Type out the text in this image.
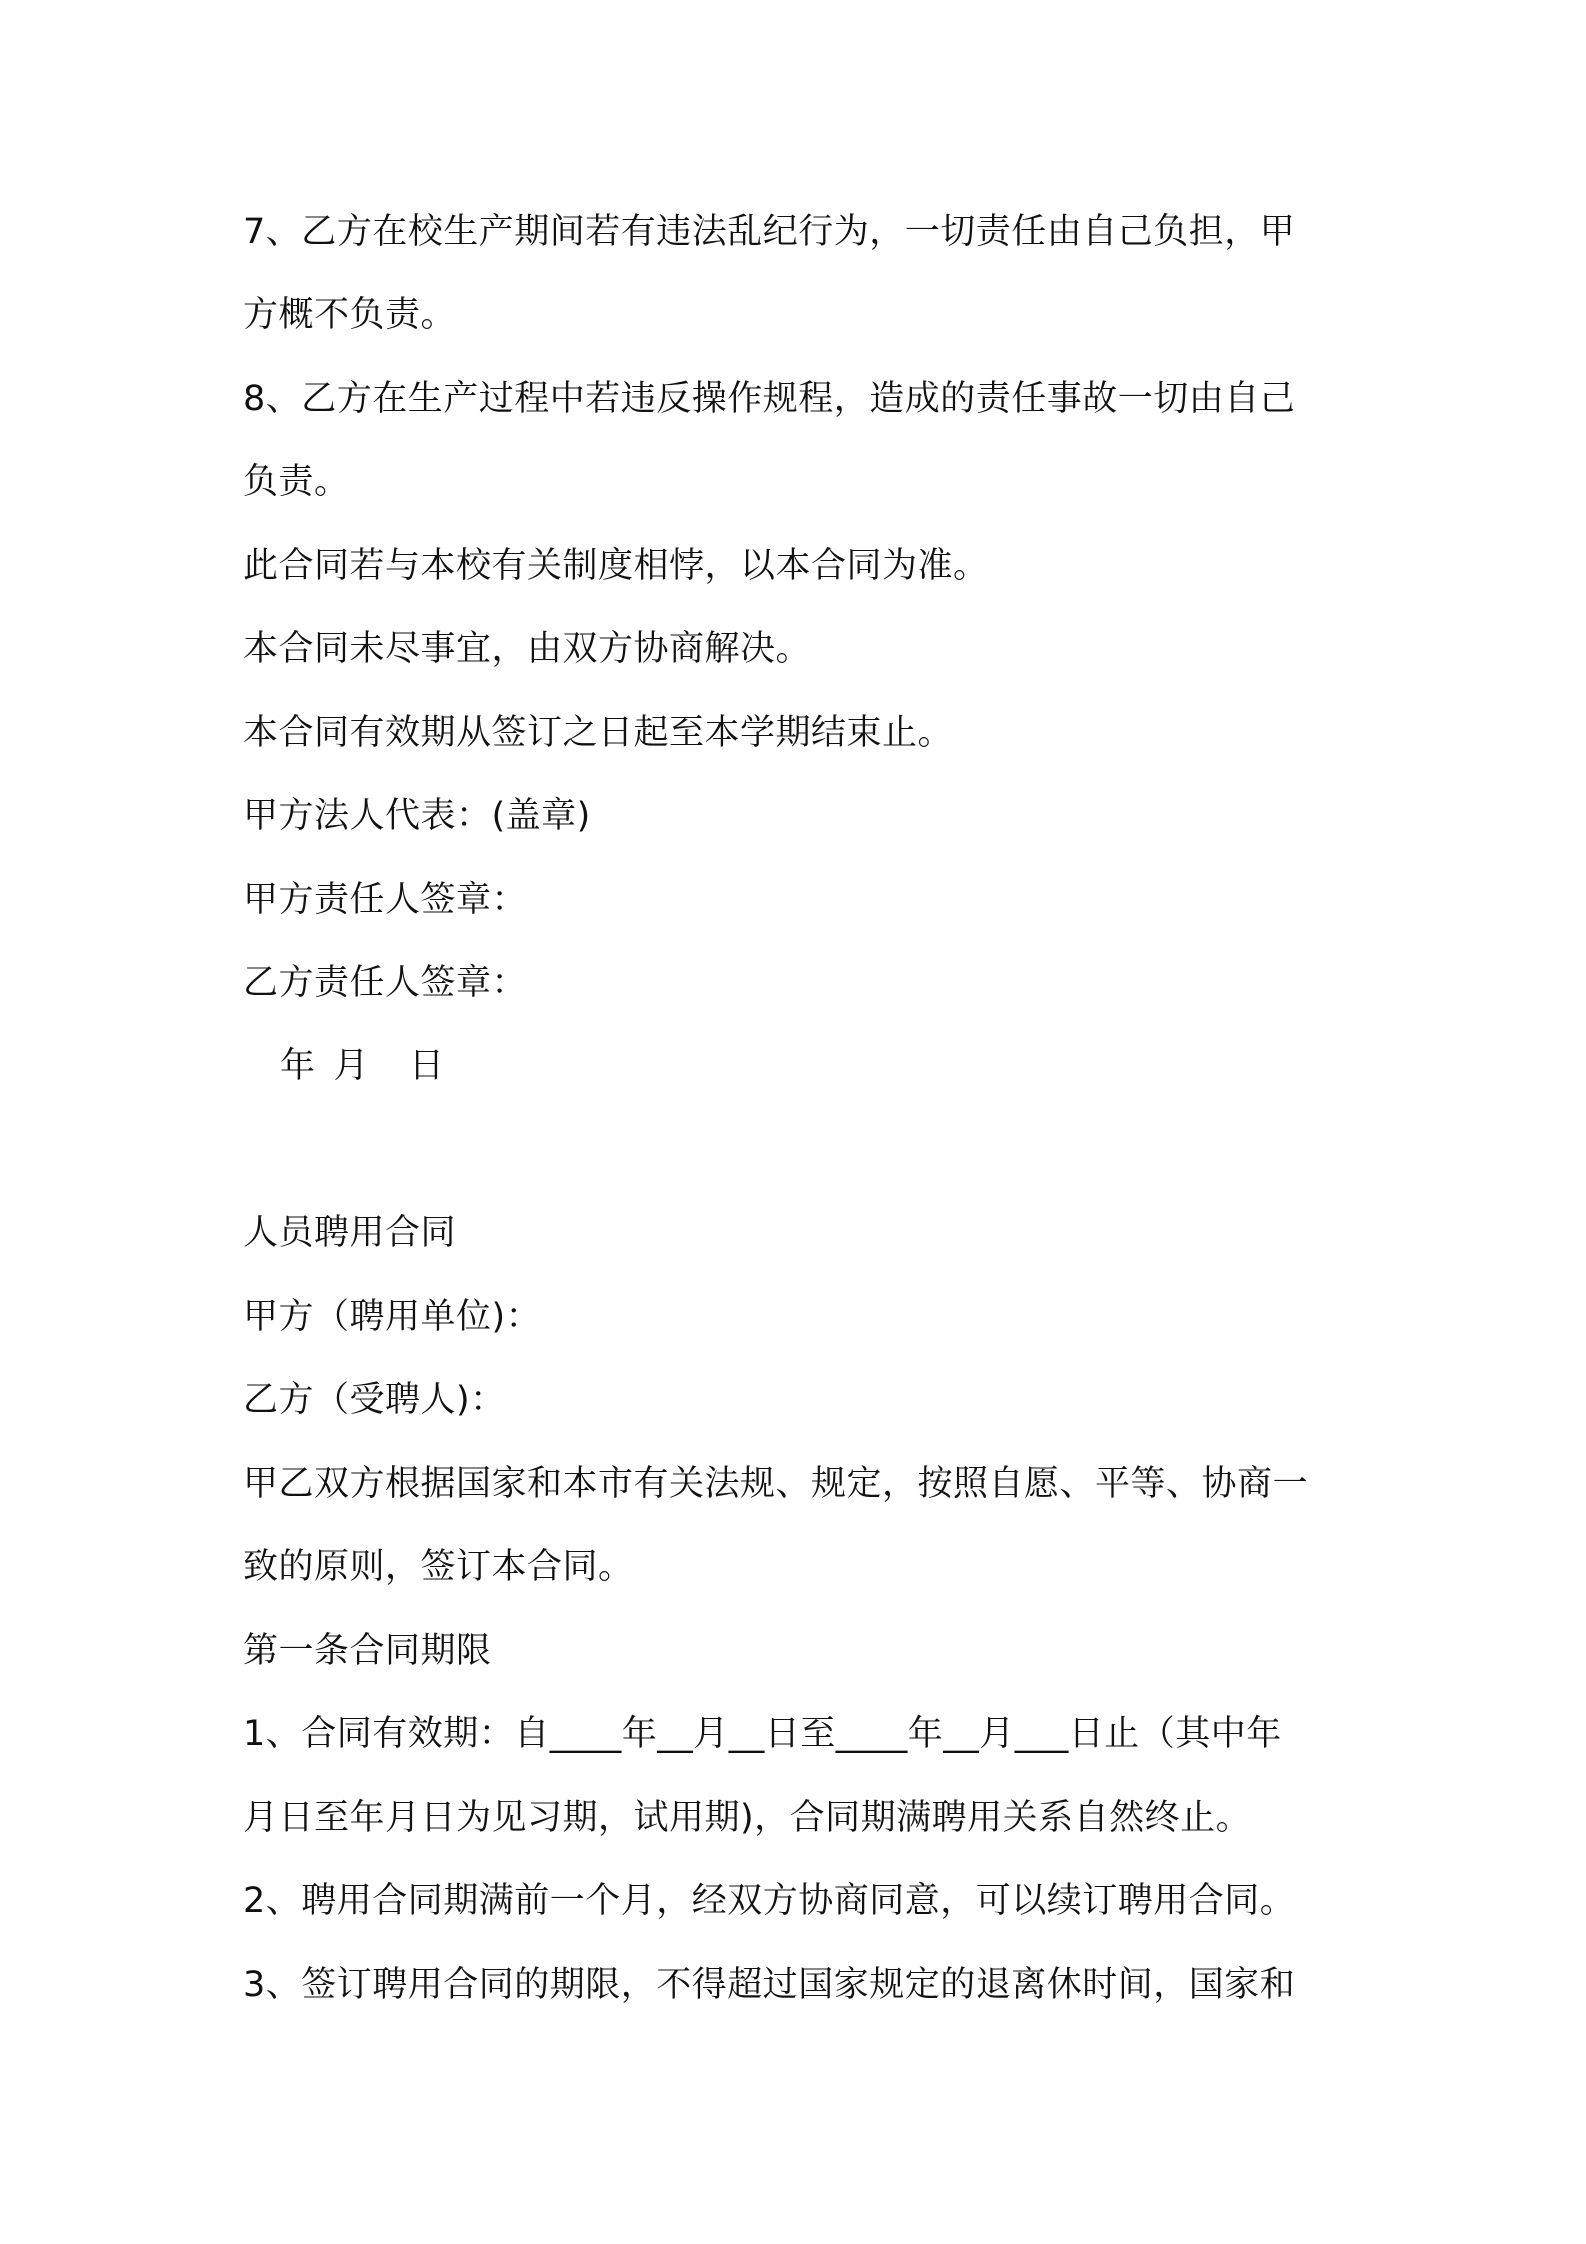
7、乙方在校生产期间若有违法乱纪行为，一切责任由自己负担，甲
方概不负责。
8、乙方在生产过程中若违反操作规程，造成的责任事故一切由自己
负责。
此合同若与本校有关制度相悖，以本合同为准。
本合同未尽事宜，由双方协商解决。
本合同有效期从签订之日起至本学期结束止。
甲方法人代表：(盖章)
甲方责任人签章：
乙方责任人签章：
年 月 日
人员聘用合同
甲方（聘用单位)：
乙方（受聘人)：
甲乙双方根据国家和本市有关法规、规定，按照自愿、平等、协商一
致的原则，签订本合同。
第一条合同期限
1、合同有效期：自____年__月__日至____年__月___日止（其中年
月日至年月日为见习期，试用期)，合同期满聘用关系自然终止。
2、聘用合同期满前一个月，经双方协商同意，可以续订聘用合同。
3、签订聘用合同的期限，不得超过国家规定的退离休时间，国家和
